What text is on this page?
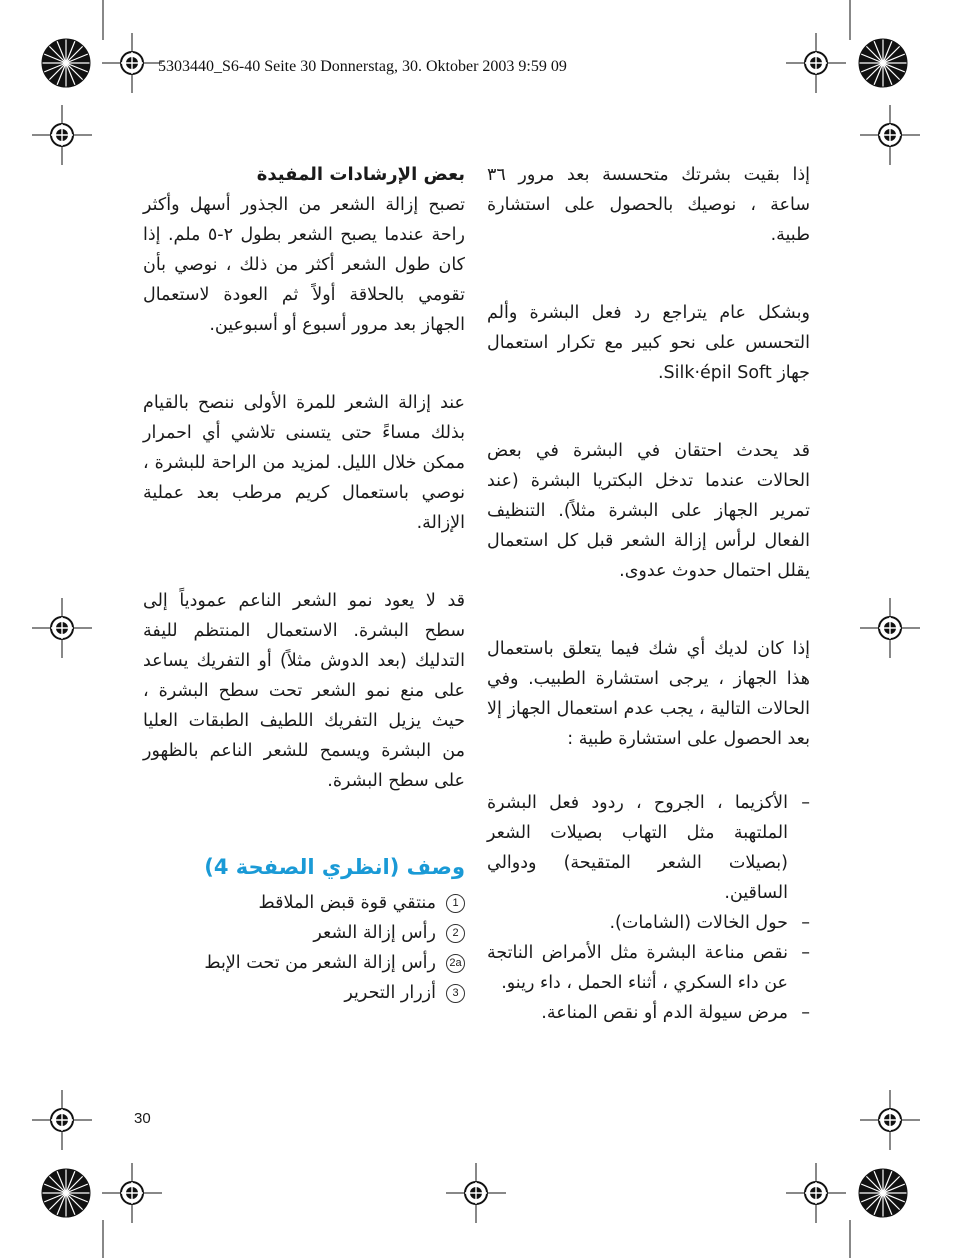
5303440_S6-40 Seite 30 Donnerstag, 30. Oktober 2003 9:59 09

إذا بقيت بشرتك متحسسة بعد مرور ٣٦ ساعة ، نوصيك بالحصول على استشارة طبية.

وبشكل عام يتراجع رد فعل البشرة وألم التحسس على نحو كبير مع تكرار استعمال جهاز Silk·épil Soft.

قد يحدث احتقان في البشرة في بعض الحالات عندما تدخل البكتريا البشرة (عند تمرير الجهاز على البشرة مثلاً). التنظيف الفعال لرأس إزالة الشعر قبل كل استعمال يقلل احتمال حدوث عدوى.

إذا كان لديك أي شك فيما يتعلق باستعمال هذا الجهاز ، يرجى استشارة الطبيب. وفي الحالات التالية ، يجب عدم استعمال الجهاز إلا بعد الحصول على استشارة طبية :

– الأكزيما ، الجروح ، ردود فعل البشرة الملتهبة مثل التهاب بصيلات الشعر (بصيلات الشعر المتقيحة) ودوالي الساقين.
– حول الخالات (الشامات).
– نقص مناعة البشرة مثل الأمراض الناتجة عن داء السكري ، أثناء الحمل ، داء رينو.
– مرض سيولة الدم أو نقص المناعة.

بعض الإرشادات المفيدة

تصبح إزالة الشعر من الجذور أسهل وأكثر راحة عندما يصبح الشعر بطول ٢-٥ ملم. إذا كان طول الشعر أكثر من ذلك ، نوصي بأن تقومي بالحلاقة أولاً ثم العودة لاستعمال الجهاز بعد مرور أسبوع أو أسبوعين.

عند إزالة الشعر للمرة الأولى ننصح بالقيام بذلك مساءً حتى يتسنى تلاشي أي احمرار ممكن خلال الليل. لمزيد من الراحة للبشرة ، نوصي باستعمال كريم مرطب بعد عملية الإزالة.

قد لا يعود نمو الشعر الناعم عمودياً إلى سطح البشرة. الاستعمال المنتظم لليفة التدليك (بعد الدوش مثلاً) أو التفريك يساعد على منع نمو الشعر تحت سطح البشرة ، حيث يزيل التفريك اللطيف الطبقات العليا من البشرة ويسمح للشعر الناعم بالظهور على سطح البشرة.

وصف (انظري الصفحة 4)

1
منتقي قوة قبض الملاقط
2
رأس إزالة الشعر
2a
رأس إزالة الشعر من تحت الإبط
3
أزرار التحرير
30
